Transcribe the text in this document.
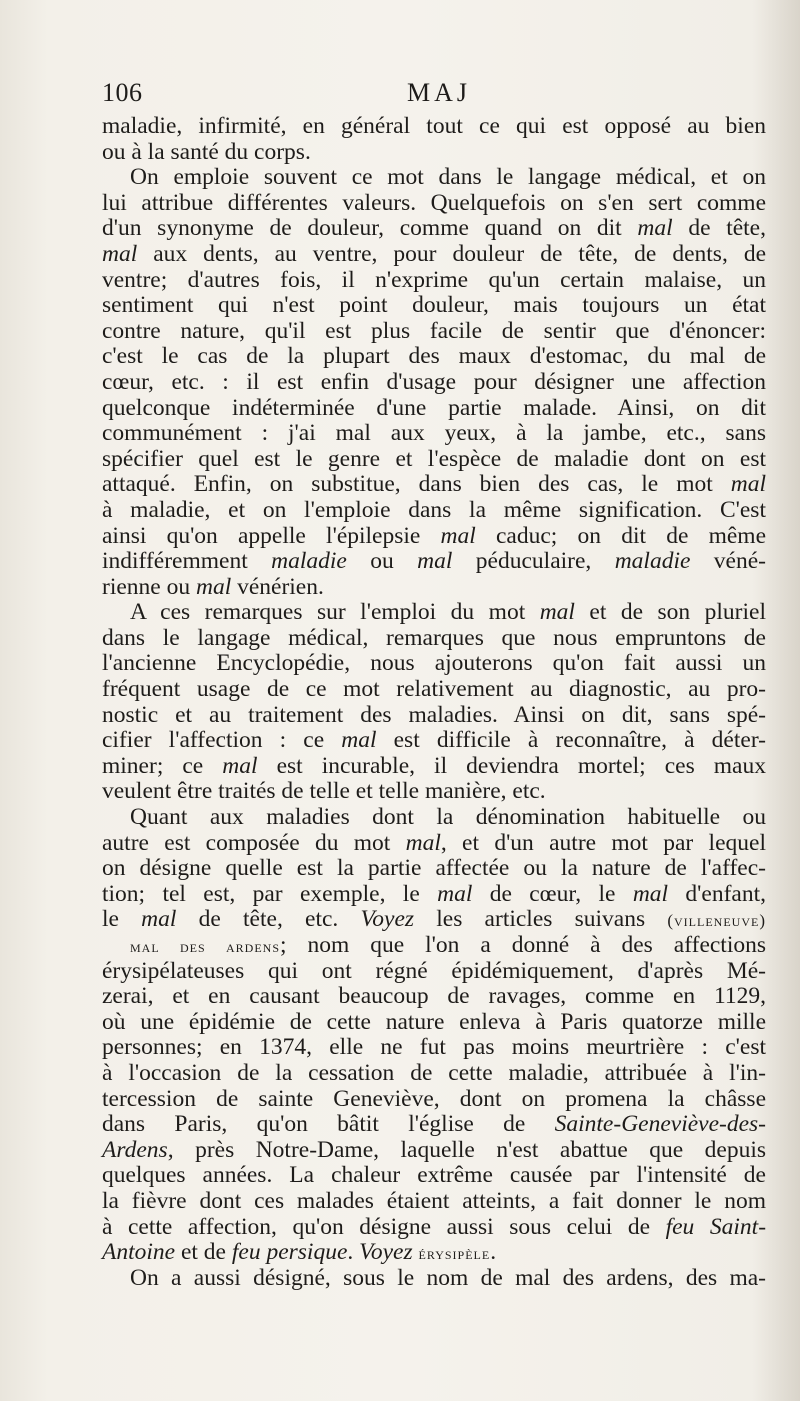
106	MAJ
maladie, infirmité, en général tout ce qui est opposé au bien
ou à la santé du corps.
On emploie souvent ce mot dans le langage médical, et on
lui attribue différentes valeurs. Quelquefois on s'en sert comme
d'un synonyme de douleur, comme quand on dit mal de tête,
mal aux dents, au ventre, pour douleur de tête, de dents, de
ventre; d'autres fois, il n'exprime qu'un certain malaise, un
sentiment qui n'est point douleur, mais toujours un état
contre nature, qu'il est plus facile de sentir que d'énoncer:
c'est le cas de la plupart des maux d'estomac, du mal de
cœur, etc. : il est enfin d'usage pour désigner une affection
quelconque indéterminée d'une partie malade. Ainsi, on dit
communément : j'ai mal aux yeux, à la jambe, etc., sans
spécifier quel est le genre et l'espèce de maladie dont on est
attaqué. Enfin, on substitue, dans bien des cas, le mot mal
à maladie, et on l'emploie dans la même signification. C'est
ainsi qu'on appelle l'épilepsie mal caduc; on dit de même
indifféremment maladie ou mal péduculaire, maladie véné-
rienne ou mal vénérien.
A ces remarques sur l'emploi du mot mal et de son pluriel
dans le langage médical, remarques que nous empruntons de
l'ancienne Encyclopédie, nous ajouterons qu'on fait aussi un
fréquent usage de ce mot relativement au diagnostic, au pro-
nostic et au traitement des maladies. Ainsi on dit, sans spé-
cifier l'affection : ce mal est difficile à reconnaître, à déter-
miner; ce mal est incurable, il deviendra mortel; ces maux
veulent être traités de telle et telle manière, etc.
Quant aux maladies dont la dénomination habituelle ou
autre est composée du mot mal, et d'un autre mot par lequel
on désigne quelle est la partie affectée ou la nature de l'affec-
tion; tel est, par exemple, le mal de cœur, le mal d'enfant,
le mal de tête, etc. Voyez les articles suivans (villeneuve)
mal des ardens; nom que l'on a donné à des affections
érysipélateuses qui ont régné épidémiquement, d'après Mé-
zerai, et en causant beaucoup de ravages, comme en 1129,
où une épidémie de cette nature enleva à Paris quatorze mille
personnes; en 1374, elle ne fut pas moins meurtrière : c'est
à l'occasion de la cessation de cette maladie, attribuée à l'in-
tercession de sainte Geneviève, dont on promena la châsse
dans Paris, qu'on bâtit l'église de Sainte-Geneviève-des-
Ardens, près Notre-Dame, laquelle n'est abattue que depuis
quelques années. La chaleur extrême causée par l'intensité de
la fièvre dont ces malades étaient atteints, a fait donner le nom
à cette affection, qu'on désigne aussi sous celui de feu Saint-
Antoine et de feu persique. Voyez érysipèle.
On a aussi désigné, sous le nom de mal des ardens, des ma-
